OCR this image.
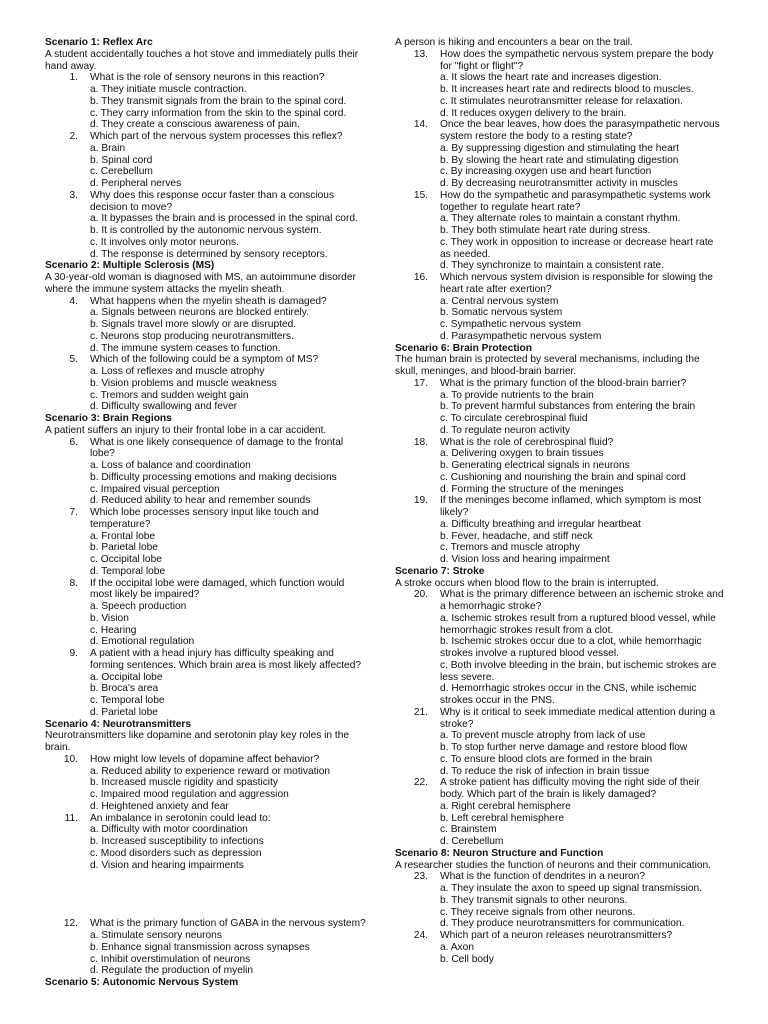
Scenario 1: Reflex Arc
A student accidentally touches a hot stove and immediately pulls their hand away.
1. What is the role of sensory neurons in this reaction?
a. They initiate muscle contraction.
b. They transmit signals from the brain to the spinal cord.
c. They carry information from the skin to the spinal cord.
d. They create a conscious awareness of pain.
2. Which part of the nervous system processes this reflex?
a. Brain
b. Spinal cord
c. Cerebellum
d. Peripheral nerves
3. Why does this response occur faster than a conscious decision to move?
a. It bypasses the brain and is processed in the spinal cord.
b. It is controlled by the autonomic nervous system.
c. It involves only motor neurons.
d. The response is determined by sensory receptors.
Scenario 2: Multiple Sclerosis (MS)
A 30-year-old woman is diagnosed with MS, an autoimmune disorder where the immune system attacks the myelin sheath.
4. What happens when the myelin sheath is damaged?
a. Signals between neurons are blocked entirely.
b. Signals travel more slowly or are disrupted.
c. Neurons stop producing neurotransmitters.
d. The immune system ceases to function.
5. Which of the following could be a symptom of MS?
a. Loss of reflexes and muscle atrophy
b. Vision problems and muscle weakness
c. Tremors and sudden weight gain
d. Difficulty swallowing and fever
Scenario 3: Brain Regions
A patient suffers an injury to their frontal lobe in a car accident.
6. What is one likely consequence of damage to the frontal lobe?
a. Loss of balance and coordination
b. Difficulty processing emotions and making decisions
c. Impaired visual perception
d. Reduced ability to hear and remember sounds
7. Which lobe processes sensory input like touch and temperature?
a. Frontal lobe
b. Parietal lobe
c. Occipital lobe
d. Temporal lobe
8. If the occipital lobe were damaged, which function would most likely be impaired?
a. Speech production
b. Vision
c. Hearing
d. Emotional regulation
9. A patient with a head injury has difficulty speaking and forming sentences. Which brain area is most likely affected?
a. Occipital lobe
b. Broca's area
c. Temporal lobe
d. Parietal lobe
Scenario 4: Neurotransmitters
Neurotransmitters like dopamine and serotonin play key roles in the brain.
10. How might low levels of dopamine affect behavior?
a. Reduced ability to experience reward or motivation
b. Increased muscle rigidity and spasticity
c. Impaired mood regulation and aggression
d. Heightened anxiety and fear
11. An imbalance in serotonin could lead to:
a. Difficulty with motor coordination
b. Increased susceptibility to infections
c. Mood disorders such as depression
d. Vision and hearing impairments
12. What is the primary function of GABA in the nervous system?
a. Stimulate sensory neurons
b. Enhance signal transmission across synapses
c. Inhibit overstimulation of neurons
d. Regulate the production of myelin
Scenario 5: Autonomic Nervous System
A person is hiking and encounters a bear on the trail.
13. How does the sympathetic nervous system prepare the body for "fight or flight"?
a. It slows the heart rate and increases digestion.
b. It increases heart rate and redirects blood to muscles.
c. It stimulates neurotransmitter release for relaxation.
d. It reduces oxygen delivery to the brain.
14. Once the bear leaves, how does the parasympathetic nervous system restore the body to a resting state?
a. By suppressing digestion and stimulating the heart
b. By slowing the heart rate and stimulating digestion
c. By increasing oxygen use and heart function
d. By decreasing neurotransmitter activity in muscles
15. How do the sympathetic and parasympathetic systems work together to regulate heart rate?
a. They alternate roles to maintain a constant rhythm.
b. They both stimulate heart rate during stress.
c. They work in opposition to increase or decrease heart rate as needed.
d. They synchronize to maintain a consistent rate.
16. Which nervous system division is responsible for slowing the heart rate after exertion?
a. Central nervous system
b. Somatic nervous system
c. Sympathetic nervous system
d. Parasympathetic nervous system
Scenario 6: Brain Protection
The human brain is protected by several mechanisms, including the skull, meninges, and blood-brain barrier.
17. What is the primary function of the blood-brain barrier?
a. To provide nutrients to the brain
b. To prevent harmful substances from entering the brain
c. To circulate cerebrospinal fluid
d. To regulate neuron activity
18. What is the role of cerebrospinal fluid?
a. Delivering oxygen to brain tissues
b. Generating electrical signals in neurons
c. Cushioning and nourishing the brain and spinal cord
d. Forming the structure of the meninges
19. If the meninges become inflamed, which symptom is most likely?
a. Difficulty breathing and irregular heartbeat
b. Fever, headache, and stiff neck
c. Tremors and muscle atrophy
d. Vision loss and hearing impairment
Scenario 7: Stroke
A stroke occurs when blood flow to the brain is interrupted.
20. What is the primary difference between an ischemic stroke and a hemorrhagic stroke?
a. Ischemic strokes result from a ruptured blood vessel, while hemorrhagic strokes result from a clot.
b. Ischemic strokes occur due to a clot, while hemorrhagic strokes involve a ruptured blood vessel.
c. Both involve bleeding in the brain, but ischemic strokes are less severe.
d. Hemorrhagic strokes occur in the CNS, while ischemic strokes occur in the PNS.
21. Why is it critical to seek immediate medical attention during a stroke?
a. To prevent muscle atrophy from lack of use
b. To stop further nerve damage and restore blood flow
c. To ensure blood clots are formed in the brain
d. To reduce the risk of infection in brain tissue
22. A stroke patient has difficulty moving the right side of their body. Which part of the brain is likely damaged?
a. Right cerebral hemisphere
b. Left cerebral hemisphere
c. Brainstem
d. Cerebellum
Scenario 8: Neuron Structure and Function
A researcher studies the function of neurons and their communication.
23. What is the function of dendrites in a neuron?
a. They insulate the axon to speed up signal transmission.
b. They transmit signals to other neurons.
c. They receive signals from other neurons.
d. They produce neurotransmitters for communication.
24. Which part of a neuron releases neurotransmitters?
a. Axon
b. Cell body
